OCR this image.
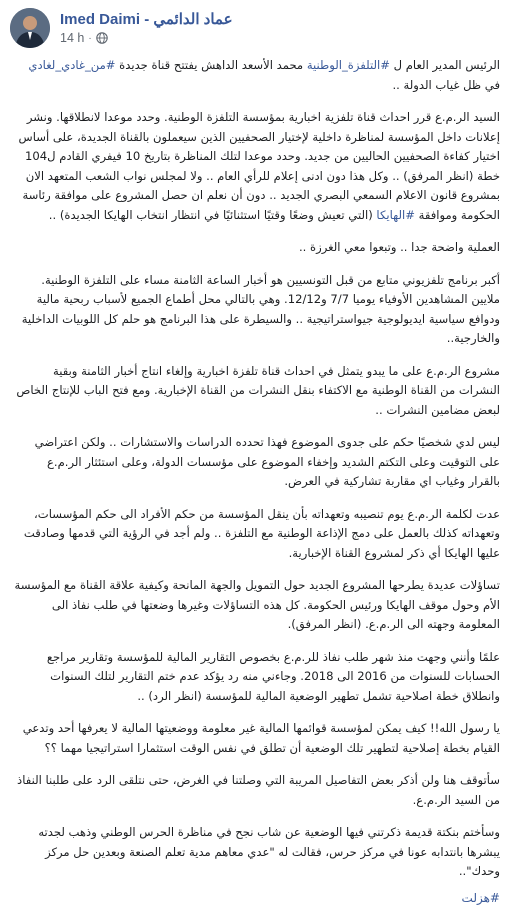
Imed Daimi - عماد الدائمي
14 h ·

الرئيس المدير العام ل #التلفزة_الوطنية محمد الأسعد الداهش يفتتح قناة جديدة #من_غادي_لغادي في ظل غياب الدولة ..

السيد الر.م.ع قرر احداث قناة تلفزية اخبارية بمؤسسة التلفزة الوطنية. وحدد موعدا لانطلاقها. ونشر إعلانات داخل المؤسسة لمناظرة داخلية لإختيار الصحفيين الذين سيعملون بالقناة الجديدة، على أساس اختيار كفاءة الصحفيين الحاليين من جديد. وحدد موعدا لتلك المناظرة بتاريخ 10 فيفري القادم ل104 خطة (انظر المرفق) .. وكل هذا دون ادنى إعلام للرأي العام .. ولا لمجلس نواب الشعب المتعهد الان بمشروع قانون الاعلام السمعي البصري الجديد .. دون أن نعلم ان حصل المشروع على موافقة رئاسة الحكومة وموافقة #الهايكا (التي تعيش وضعًا وقتيًا استثنائيًا في انتظار انتخاب الهايكا الجديدة) ..

العملية واضحة جدا .. وتبعوا معي الغرزة ..

أكبر برنامج تلفزيوني متابع من قبل التونسيين هو أخبار الساعة الثامنة مساء على التلفزة الوطنية. ملايين المشاهدين الأوفياء يوميا 7/7 و12/12. وهي بالتالي محل أطماع الجميع لأسباب ربحية مالية ودوافع سياسية ايديولوجية جيواستراتيجية .. والسيطرة على هذا البرنامج هو حلم كل اللوبيات الداخلية والخارجية..

مشروع الر.م.ع على ما يبدو يتمثل في احداث قناة تلفزة اخبارية وإلغاء انتاج أخبار الثامنة وبقية النشرات من القناة الوطنية مع الاكتفاء بنقل النشرات من القناة الإخبارية. ومع فتح الباب للإنتاج الخاص لبعض مضامين النشرات ..

ليس لدي شخصيًا حكم على جدوى الموضوع فهذا تحدده الدراسات والاستشارات .. ولكن اعتراضي على التوقيت وعلى التكتم الشديد وإخفاء الموضوع على مؤسسات الدولة، وعلى استئثار الر.م.ع بالقرار وغياب اي مقاربة تشاركية في العرض.

عدت لكلمة الر.م.ع يوم تنصيبه وتعهداته بأن ينقل المؤسسة من حكم الأفراد الى حكم المؤسسات، وتعهداته كذلك بالعمل على دمج الإذاعة الوطنية مع التلفزة .. ولم أجد في الرؤية التي قدمها وصادقت عليها الهايكا أي ذكر لمشروع القناة الإخبارية.

تساؤلات عديدة يطرحها المشروع الجديد حول التمويل والجهة المانحة وكيفية علاقة القناة مع المؤسسة الأم وحول موقف الهايكا ورئيس الحكومة. كل هذه التساؤلات وغيرها وضعتها في طلب نفاذ الى المعلومة وجهته الى الر.م.ع. (انظر المرفق).

علمًا وأنني وجهت منذ شهر طلب نفاذ للر.م.ع بخصوص التقارير المالية للمؤسسة وتقارير مراجع الحسابات للسنوات من 2016 الى 2018. وجاءني منه رد يؤكد عدم ختم التقارير لتلك السنوات وانطلاق خطة اصلاحية تشمل تطهير الوضعية المالية للمؤسسة (انظر الرد) ..

يا رسول الله!! كيف يمكن لمؤسسة قوائمها المالية غير معلومة ووضعيتها المالية لا يعرفها أحد وتدعي القيام بخطة إصلاحية لتطهير تلك الوضعية أن تطلق في نفس الوقت استثمارا استراتيجيا مهما ؟؟

سأتوقف هنا ولن أذكر بعض التفاصيل المريبة التي وصلتنا في الغرض، حتى نتلقى الرد على طلبنا النفاذ من السيد الر.م.ع.

وسأختم بنكتة قديمة ذكرتني فيها الوضعية عن شاب نجح في مناظرة الحرس الوطني وذهب لجدته يبشرها بانتدابه عونا في مركز حرس، فقالت له "عدي معاهم مدية تعلم الصنعة وبعدين حل مركز وحدك"..

#هزلت
